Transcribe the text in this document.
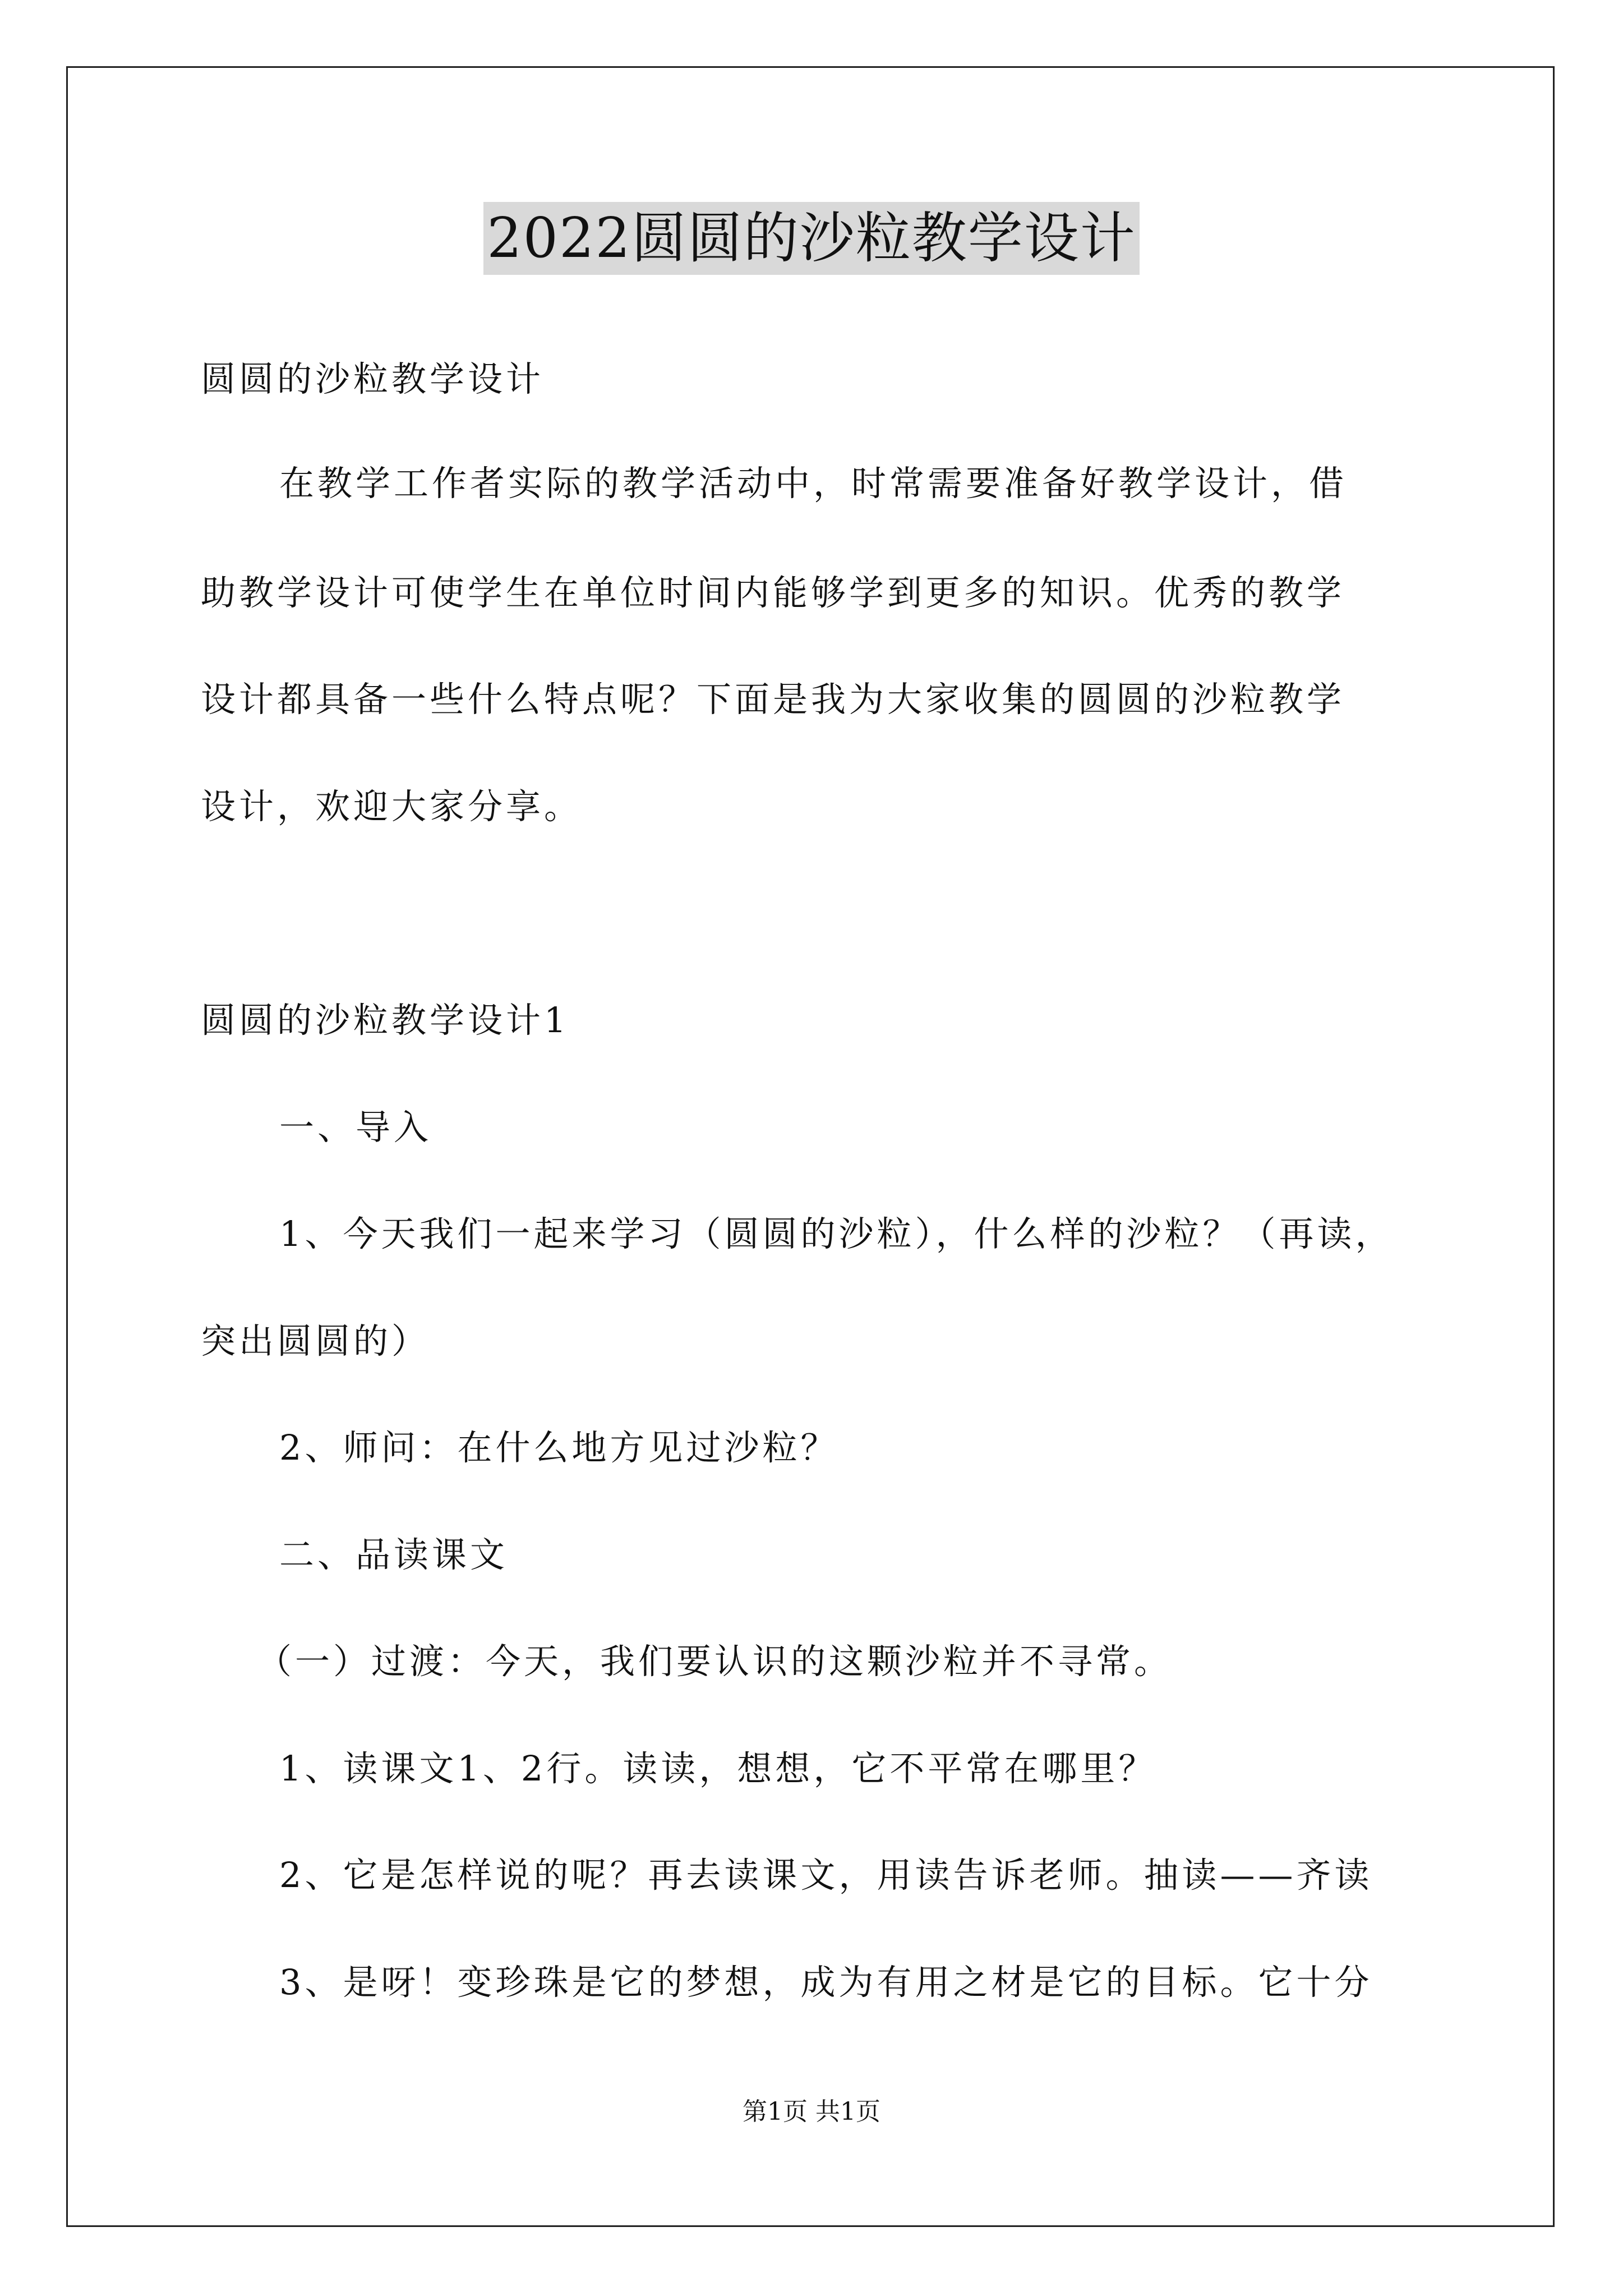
2022圆圆的沙粒教学设计
圆圆的沙粒教学设计
在教学工作者实际的教学活动中，时常需要准备好教学设计，借
助教学设计可使学生在单位时间内能够学到更多的知识。优秀的教学
设计都具备一些什么特点呢？下面是我为大家收集的圆圆的沙粒教学
设计，欢迎大家分享。
圆圆的沙粒教学设计1
一、导入
1、今天我们一起来学习（圆圆的沙粒），什么样的沙粒？（再读，
突出圆圆的）
2、师问：在什么地方见过沙粒？
二、品读课文
（一）过渡：今天，我们要认识的这颗沙粒并不寻常。
1、读课文1、2行。读读，想想，它不平常在哪里？
2、它是怎样说的呢？再去读课文，用读告诉老师。抽读——齐读
3、是呀！变珍珠是它的梦想，成为有用之材是它的目标。它十分
第1页 共1页
